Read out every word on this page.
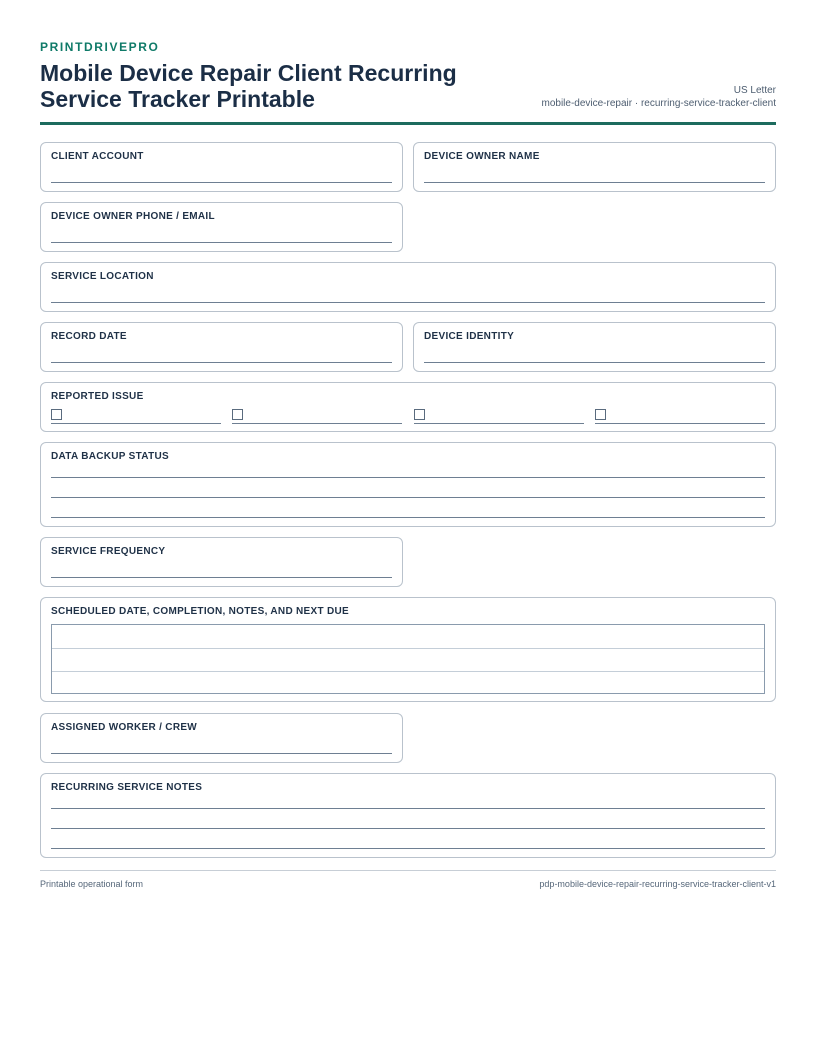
PRINTDRIVEPRO
Mobile Device Repair Client Recurring Service Tracker Printable	US Letter
mobile-device-repair · recurring-service-tracker-client
CLIENT ACCOUNT	DEVICE OWNER NAME
DEVICE OWNER PHONE / EMAIL
SERVICE LOCATION
RECORD DATE	DEVICE IDENTITY
REPORTED ISSUE
DATA BACKUP STATUS
SERVICE FREQUENCY
SCHEDULED DATE, COMPLETION, NOTES, AND NEXT DUE
ASSIGNED WORKER / CREW
RECURRING SERVICE NOTES
Printable operational form	pdp-mobile-device-repair-recurring-service-tracker-client-v1
